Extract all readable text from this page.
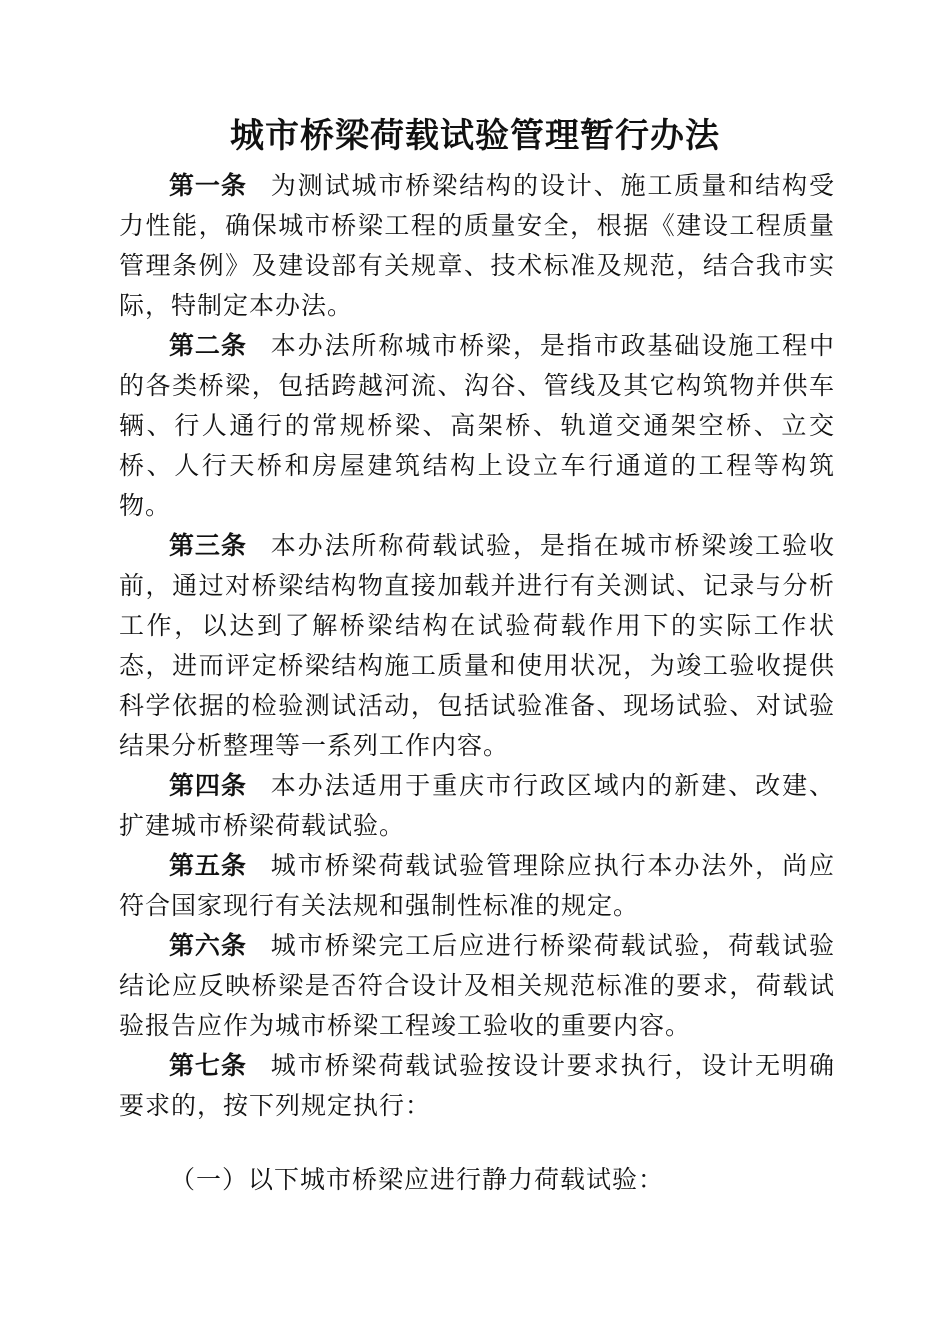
城市桥梁荷载试验管理暂行办法

第一条 为测试城市桥梁结构的设计、施工质量和结构受力性能，确保城市桥梁工程的质量安全，根据《建设工程质量管理条例》及建设部有关规章、技术标准及规范，结合我市实际，特制定本办法。

第二条 本办法所称城市桥梁，是指市政基础设施工程中的各类桥梁，包括跨越河流、沟谷、管线及其它构筑物并供车辆、行人通行的常规桥梁、高架桥、轨道交通架空桥、立交桥、人行天桥和房屋建筑结构上设立车行通道的工程等构筑物。

第三条 本办法所称荷载试验，是指在城市桥梁竣工验收前，通过对桥梁结构物直接加载并进行有关测试、记录与分析工作，以达到了解桥梁结构在试验荷载作用下的实际工作状态，进而评定桥梁结构施工质量和使用状况，为竣工验收提供科学依据的检验测试活动，包括试验准备、现场试验、对试验结果分析整理等一系列工作内容。

第四条 本办法适用于重庆市行政区域内的新建、改建、扩建城市桥梁荷载试验。

第五条 城市桥梁荷载试验管理除应执行本办法外，尚应符合国家现行有关法规和强制性标准的规定。

第六条 城市桥梁完工后应进行桥梁荷载试验，荷载试验结论应反映桥梁是否符合设计及相关规范标准的要求，荷载试验报告应作为城市桥梁工程竣工验收的重要内容。

第七条 城市桥梁荷载试验按设计要求执行，设计无明确要求的，按下列规定执行：

（一）以下城市桥梁应进行静力荷载试验：
